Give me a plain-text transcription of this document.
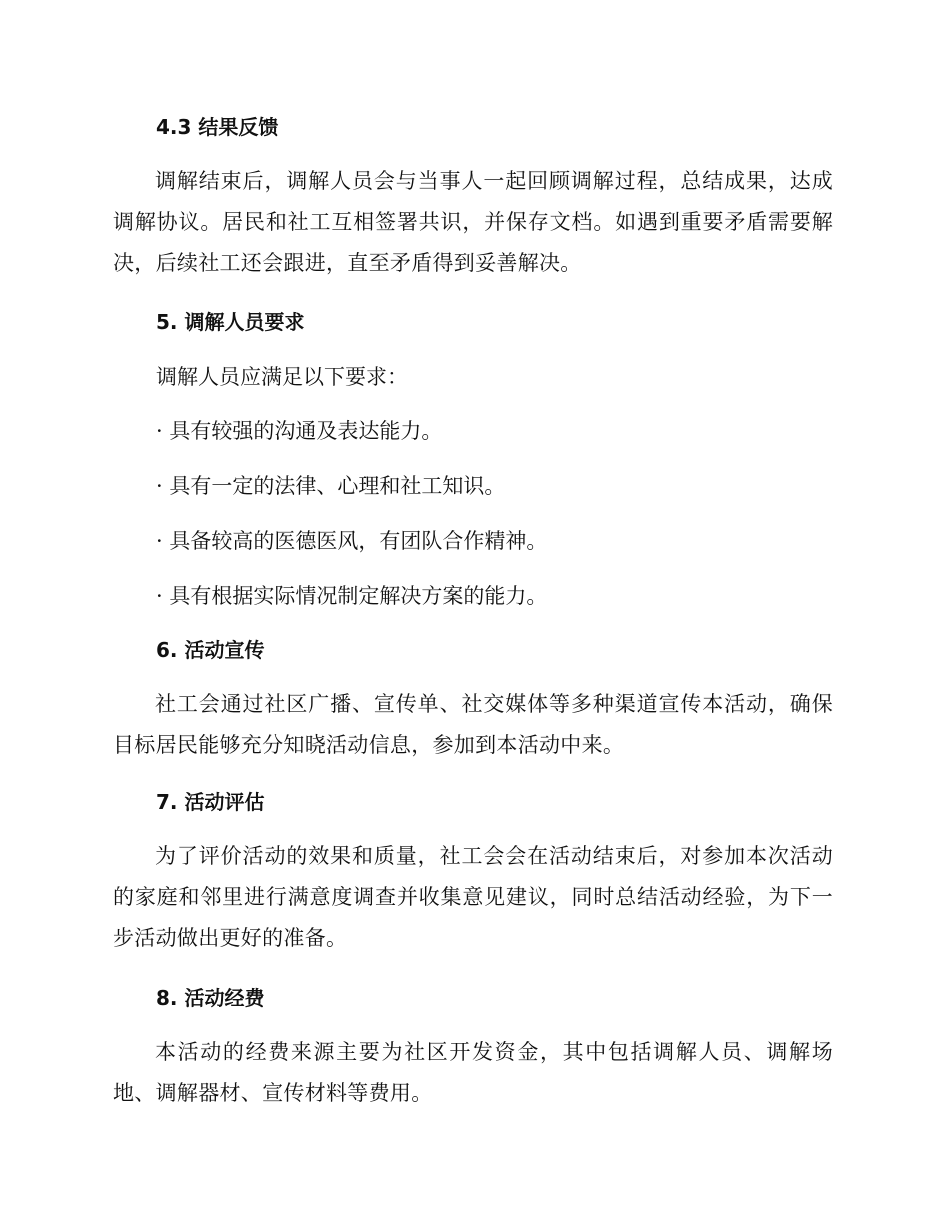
4.3 结果反馈
调解结束后，调解人员会与当事人一起回顾调解过程，总结成果，达成调解协议。居民和社工互相签署共识，并保存文档。如遇到重要矛盾需要解决，后续社工还会跟进，直至矛盾得到妥善解决。
5. 调解人员要求
调解人员应满足以下要求：
· 具有较强的沟通及表达能力。
· 具有一定的法律、心理和社工知识。
· 具备较高的医德医风，有团队合作精神。
· 具有根据实际情况制定解决方案的能力。
6. 活动宣传
社工会通过社区广播、宣传单、社交媒体等多种渠道宣传本活动，确保目标居民能够充分知晓活动信息，参加到本活动中来。
7. 活动评估
为了评价活动的效果和质量，社工会会在活动结束后，对参加本次活动的家庭和邻里进行满意度调查并收集意见建议，同时总结活动经验，为下一步活动做出更好的准备。
8. 活动经费
本活动的经费来源主要为社区开发资金，其中包括调解人员、调解场地、调解器材、宣传材料等费用。
